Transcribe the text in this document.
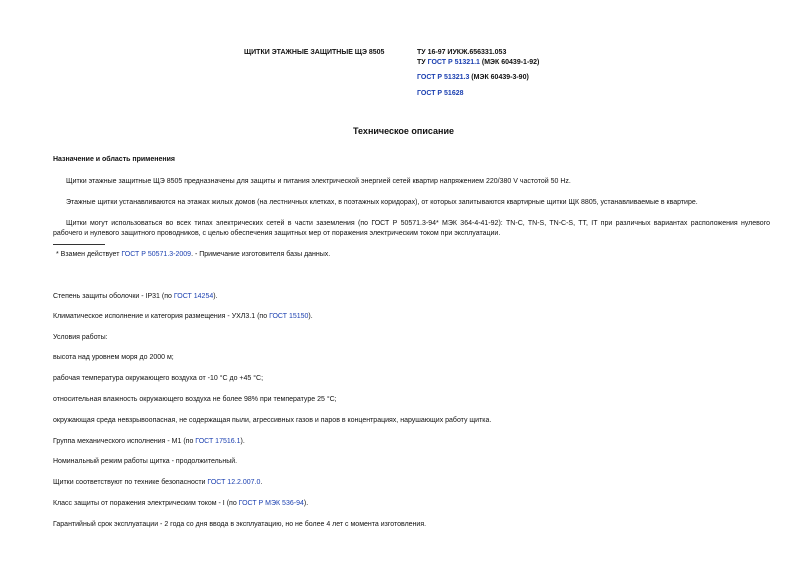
ЩИТКИ ЭТАЖНЫЕ ЗАЩИТНЫЕ ЩЭ 8505	ТУ 16-97 ИУКЖ.656331.053
ТУ ГОСТ Р 51321.1 (МЭК 60439-1-92)
ГОСТ Р 51321.3 (МЭК 60439-3-90)
ГОСТ Р 51628
Техническое описание
Назначение и область применения
Щитки этажные защитные ЩЭ 8505 предназначены для защиты и питания электрической энергией сетей квартир напряжением 220/380 V частотой 50 Hz.
Этажные щитки устанавливаются на этажах жилых домов (на лестничных клетках, в поэтажных коридорах), от которых запитываются квартирные щитки ЩК 8805, устанавливаемые в квартире.
Щитки могут использоваться во всех типах электрических сетей в части заземления (по ГОСТ Р 50571.3-94* МЭК 364-4-41-92): TN-C, TN-S, TN-C-S, TT, IT при различных вариантах расположения нулевого
рабочего и нулевого защитного проводников, с целью обеспечения защитных мер от поражения электрическим током при эксплуатации.
* Взамен действует ГОСТ Р 50571.3-2009. - Примечание изготовителя базы данных.
Степень защиты оболочки - IP31 (по ГОСТ 14254).
Климатическое исполнение и категория размещения - УХЛ3.1 (по ГОСТ 15150).
Условия работы:
высота над уровнем моря до 2000 м;
рабочая температура окружающего воздуха от -10 °С до +45 °С;
относительная влажность окружающего воздуха не более 98% при температуре 25 °С;
окружающая среда невзрывоопасная, не содержащая пыли, агрессивных газов и паров в концентрациях, нарушающих работу щитка.
Группа механического исполнения - М1 (по ГОСТ 17516.1).
Номинальный режим работы щитка - продолжительный.
Щитки соответствуют по технике безопасности ГОСТ 12.2.007.0.
Класс защиты от поражения электрическим током - I (по ГОСТ Р МЭК 536-94).
Гарантийный срок эксплуатации - 2 года со дня ввода в эксплуатацию, но не более 4 лет с момента изготовления.
